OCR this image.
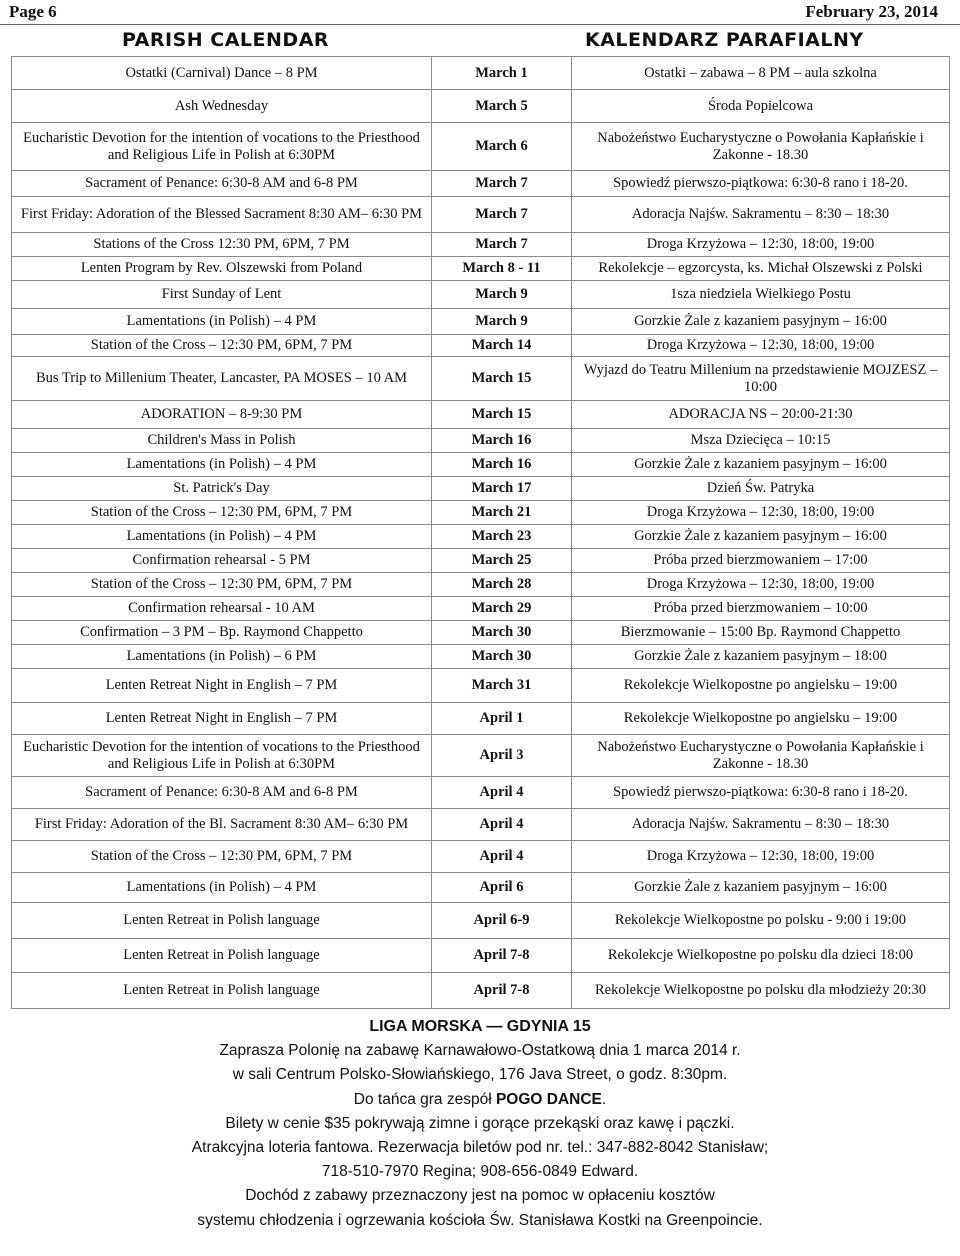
Page 6	February 23, 2014
PARISH CALENDAR	KALENDARZ PARAFIALNY
Ostatki (Carnival) Dance – 8 PM	March 1	Ostatki – zabawa – 8 PM – aula szkolna
Ash Wednesday	March 5	Środa Popielcowa
Eucharistic Devotion for the intention of vocations to the Priesthood and Religious Life in Polish at 6:30PM	March 6	Nabożeństwo Eucharystyczne o Powołania Kapłańskie i Zakonne - 18.30
Sacrament of Penance: 6:30-8 AM and 6-8 PM	March 7	Spowiedź pierwszo-piątkowa: 6:30-8 rano i 18-20.
First Friday: Adoration of the Blessed Sacrament 8:30 AM– 6:30 PM	March 7	Adoracja Najśw. Sakramentu – 8:30 – 18:30
Stations of the Cross 12:30 PM, 6PM, 7 PM	March 7	Droga Krzyżowa – 12:30, 18:00, 19:00
Lenten Program by Rev. Olszewski from Poland	March 8 - 11	Rekolekcje – egzorcysta, ks. Michał Olszewski z Polski
First Sunday of Lent	March 9	1sza niedziela Wielkiego Postu
Lamentations (in Polish) – 4 PM	March 9	Gorzkie Żale z kazaniem pasyjnym – 16:00
Station of the Cross – 12:30 PM, 6PM, 7 PM	March 14	Droga Krzyżowa – 12:30, 18:00, 19:00
Bus Trip to Millenium Theater, Lancaster, PA MOSES – 10 AM	March 15	Wyjazd do Teatru Millenium na przedstawienie MOJZESZ – 10:00
ADORATION – 8-9:30 PM	March 15	ADORACJA NS – 20:00-21:30
Children's Mass in Polish	March 16	Msza Dziecięca – 10:15
Lamentations (in Polish) – 4 PM	March 16	Gorzkie Żale z kazaniem pasyjnym – 16:00
St. Patrick's Day	March 17	Dzień Św. Patryka
Station of the Cross – 12:30 PM, 6PM, 7 PM	March 21	Droga Krzyżowa – 12:30, 18:00, 19:00
Lamentations (in Polish) – 4 PM	March 23	Gorzkie Żale z kazaniem pasyjnym – 16:00
Confirmation rehearsal - 5 PM	March 25	Próba przed bierzmowaniem – 17:00
Station of the Cross – 12:30 PM, 6PM, 7 PM	March 28	Droga Krzyżowa – 12:30, 18:00, 19:00
Confirmation rehearsal - 10 AM	March 29	Próba przed bierzmowaniem – 10:00
Confirmation – 3 PM – Bp. Raymond Chappetto	March 30	Bierzmowanie – 15:00 Bp. Raymond Chappetto
Lamentations (in Polish) – 6 PM	March 30	Gorzkie Żale z kazaniem pasyjnym – 18:00
Lenten Retreat Night in English – 7 PM	March 31	Rekolekcje Wielkopostne po angielsku – 19:00
Lenten Retreat Night in English – 7 PM	April 1	Rekolekcje Wielkopostne po angielsku – 19:00
Eucharistic Devotion for the intention of vocations to the Priesthood and Religious Life in Polish at 6:30PM	April 3	Nabożeństwo Eucharystyczne o Powołania Kapłańskie i Zakonne - 18.30
Sacrament of Penance: 6:30-8 AM and 6-8 PM	April 4	Spowiedź pierwszo-piątkowa: 6:30-8 rano i 18-20.
First Friday: Adoration of the Bl. Sacrament 8:30 AM– 6:30 PM	April 4	Adoracja Najśw. Sakramentu – 8:30 – 18:30
Station of the Cross – 12:30 PM, 6PM, 7 PM	April 4	Droga Krzyżowa – 12:30, 18:00, 19:00
Lamentations (in Polish) – 4 PM	April 6	Gorzkie Żale z kazaniem pasyjnym – 16:00
Lenten Retreat in Polish language	April 6-9	Rekolekcje Wielkopostne po polsku - 9:00 i 19:00
Lenten Retreat in Polish language	April 7-8	Rekolekcje Wielkopostne po polsku dla dzieci 18:00
Lenten Retreat in Polish language	April 7-8	Rekolekcje Wielkopostne po polsku dla młodzieży 20:30
LIGA MORSKA — GDYNIA 15
Zaprasza Polonię na zabawę Karnawałowo-Ostatkową dnia 1 marca 2014 r.
w sali Centrum Polsko-Słowiańskiego, 176 Java Street, o godz. 8:30pm.
Do tańca gra zespół POGO DANCE.
Bilety w cenie $35 pokrywają zimne i gorące przekąski oraz kawę i pączki.
Atrakcyjna loteria fantowa. Rezerwacja biletów pod nr. tel.: 347-882-8042 Stanisław;
718-510-7970 Regina; 908-656-0849 Edward.
Dochód z zabawy przeznaczony jest na pomoc w opłaceniu kosztów
systemu chłodzenia i ogrzewania kościoła Św. Stanisława Kostki na Greenpoincie.
